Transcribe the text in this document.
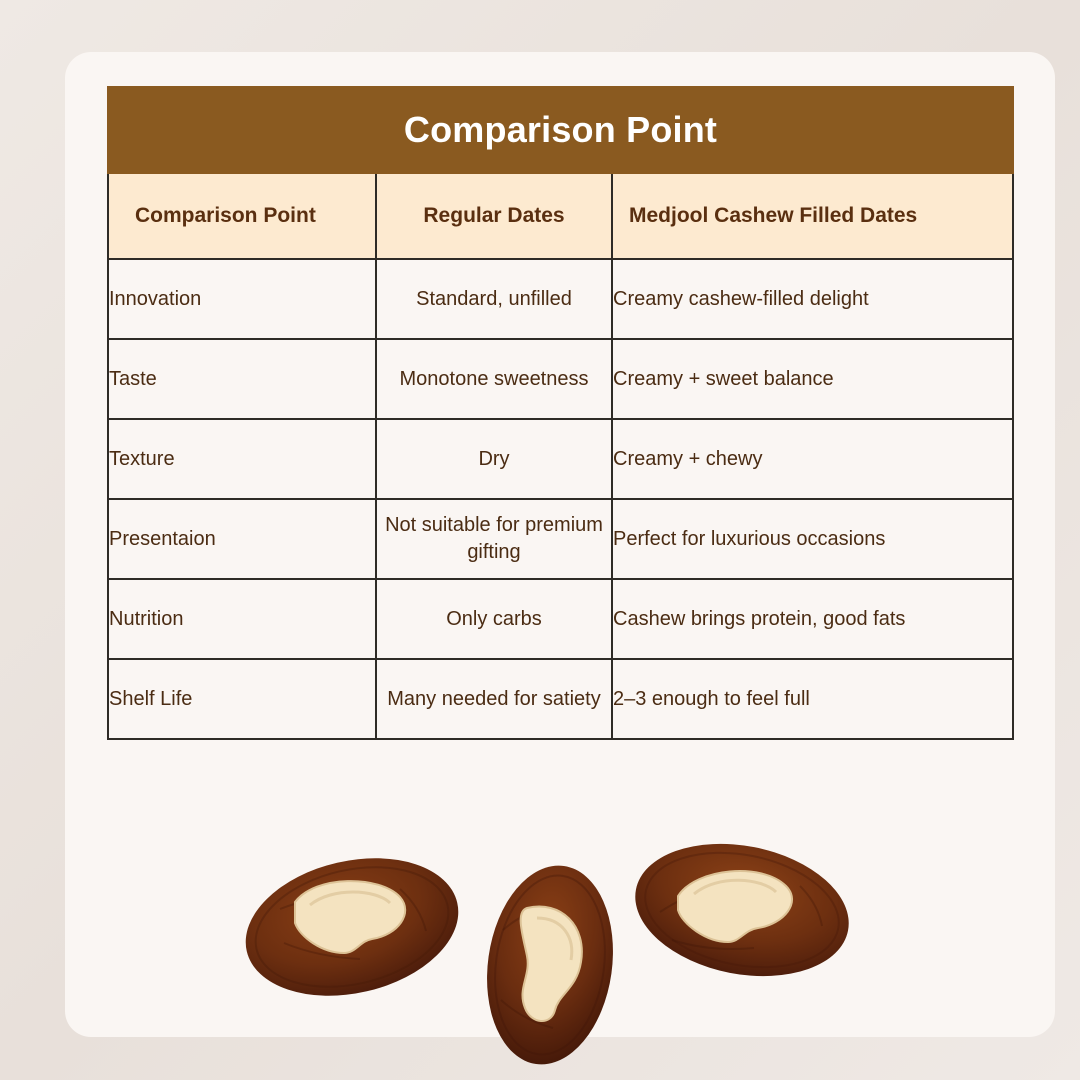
Comparison Point		
Comparison Point	Regular Dates	Medjool Cashew Filled Dates
Innovation	Standard, unfilled	Creamy cashew-filled delight
Taste	Monotone sweetness	Creamy + sweet balance
Texture	Dry	Creamy + chewy
Presentaion	Not suitable for premium gifting	Perfect for luxurious occasions
Nutrition	Only carbs	Cashew brings protein, good fats
Shelf Life	Many needed for satiety	2–3 enough to feel full
